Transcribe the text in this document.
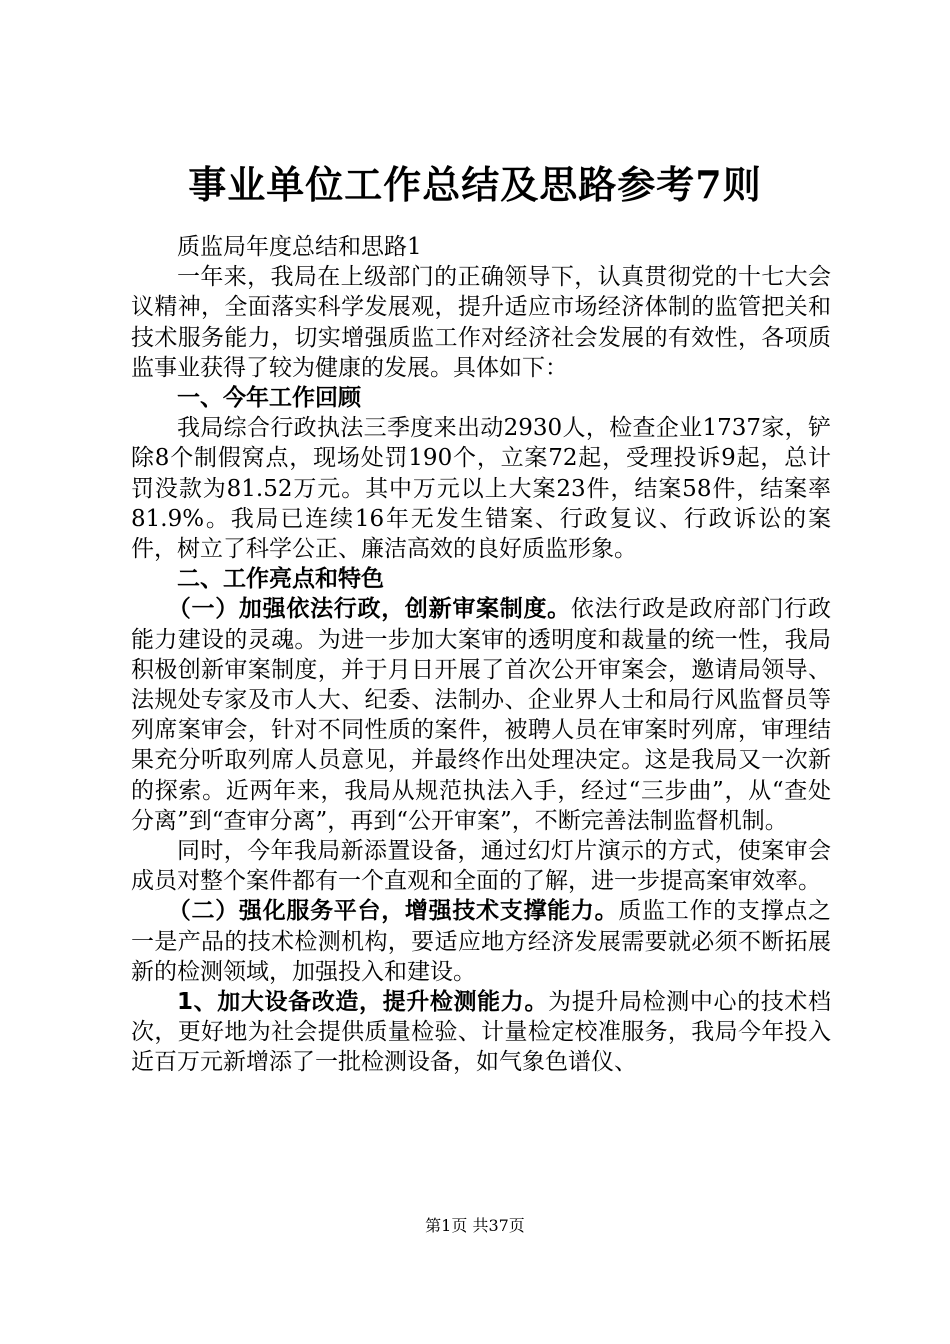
事业单位工作总结及思路参考7则

质监局年度总结和思路1

一年来，我局在上级部门的正确领导下，认真贯彻党的十七大会议精神，全面落实科学发展观，提升适应市场经济体制的监管把关和技术服务能力，切实增强质监工作对经济社会发展的有效性，各项质监事业获得了较为健康的发展。具体如下：

一、今年工作回顾

我局综合行政执法三季度来出动2930人，检查企业1737家，铲除8个制假窝点，现场处罚190个，立案72起，受理投诉9起，总计罚没款为81.52万元。其中万元以上大案23件，结案58件，结案率81.9%。我局已连续16年无发生错案、行政复议、行政诉讼的案件，树立了科学公正、廉洁高效的良好质监形象。

二、工作亮点和特色

（一）加强依法行政，创新审案制度。依法行政是政府部门行政能力建设的灵魂。为进一步加大案审的透明度和裁量的统一性，我局积极创新审案制度，并于月日开展了首次公开审案会，邀请局领导、法规处专家及市人大、纪委、法制办、企业界人士和局行风监督员等列席案审会，针对不同性质的案件，被聘人员在审案时列席，审理结果充分听取列席人员意见，并最终作出处理决定。这是我局又一次新的探索。近两年来，我局从规范执法入手，经过“三步曲”，从“查处分离”到“查审分离”，再到“公开审案”，不断完善法制监督机制。

同时，今年我局新添置设备，通过幻灯片演示的方式，使案审会成员对整个案件都有一个直观和全面的了解，进一步提高案审效率。

（二）强化服务平台，增强技术支撑能力。质监工作的支撑点之一是产品的技术检测机构，要适应地方经济发展需要就必须不断拓展新的检测领域，加强投入和建设。

1、加大设备改造，提升检测能力。为提升局检测中心的技术档次，更好地为社会提供质量检验、计量检定校准服务，我局今年投入近百万元新增添了一批检测设备，如气象色谱仪、

第1页 共37页
